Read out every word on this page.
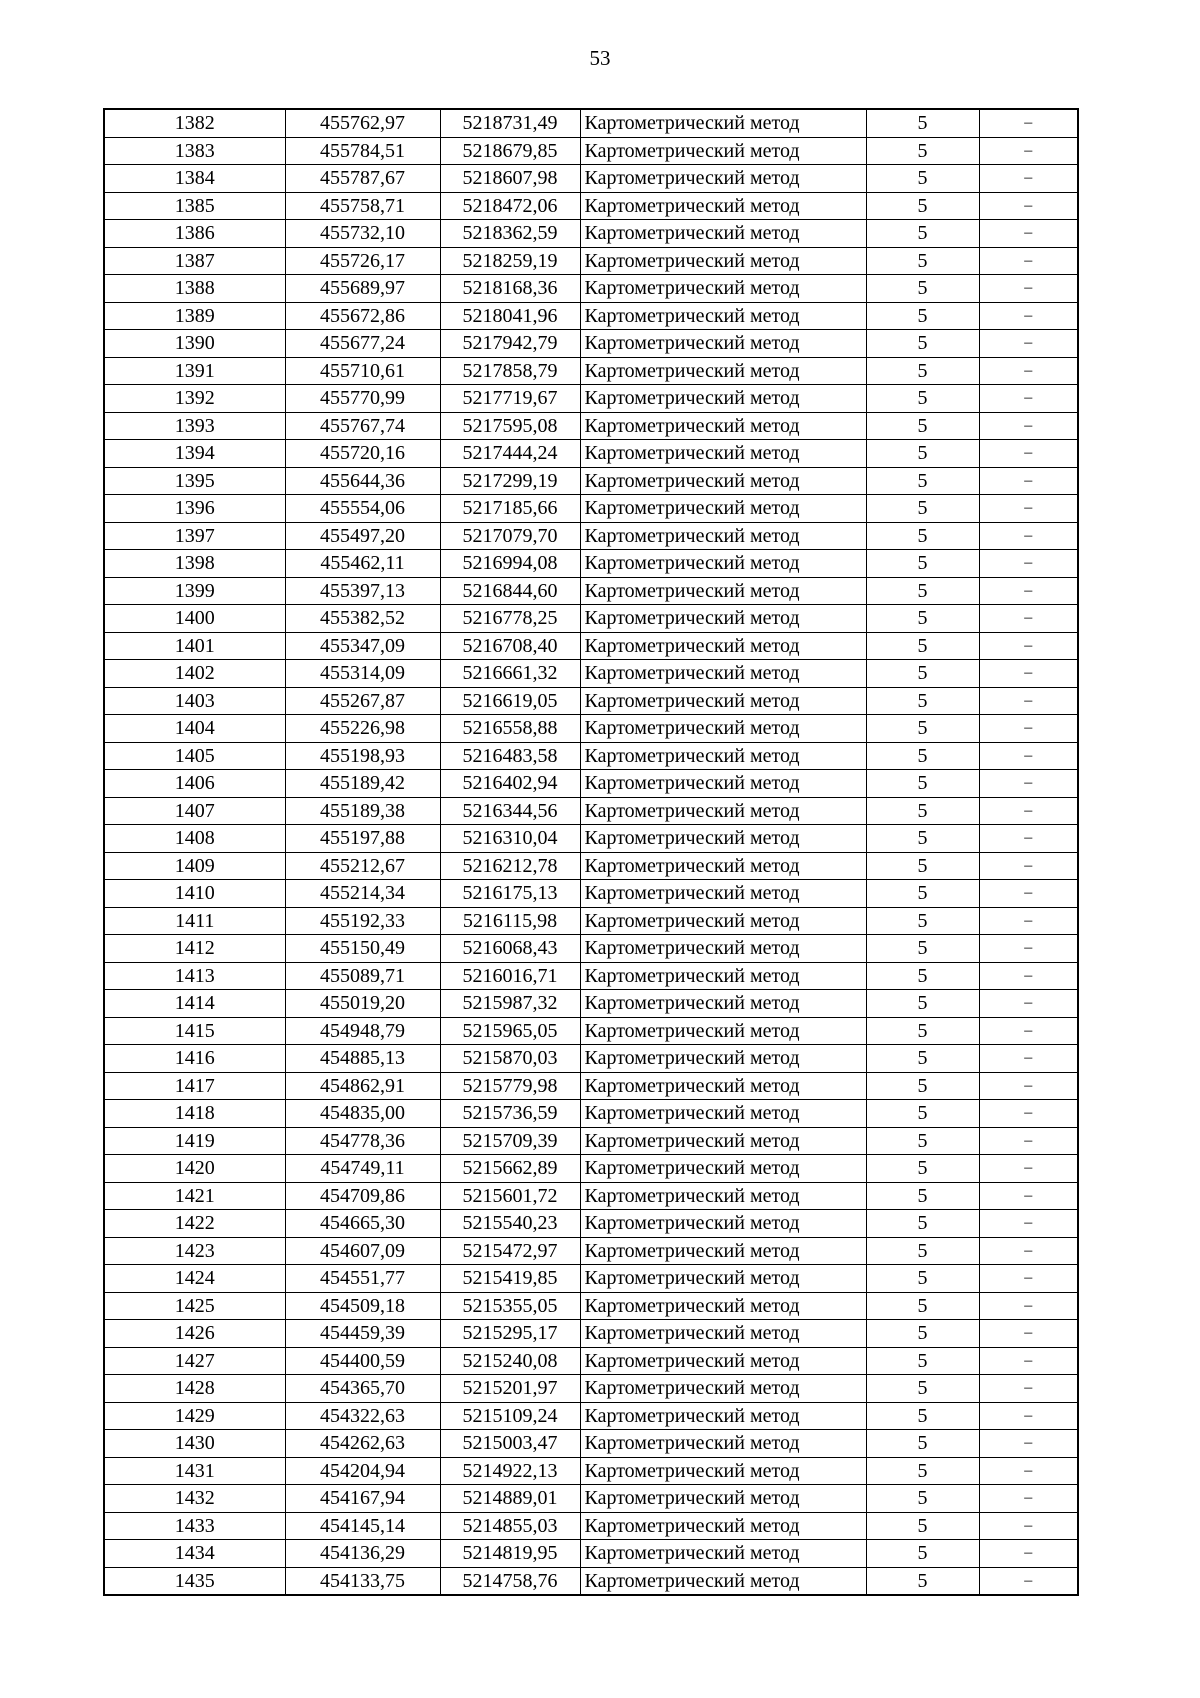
53
1382	455762,97	5218731,49	Картометрический метод	5	–
1383	455784,51	5218679,85	Картометрический метод	5	–
1384	455787,67	5218607,98	Картометрический метод	5	–
1385	455758,71	5218472,06	Картометрический метод	5	–
1386	455732,10	5218362,59	Картометрический метод	5	–
1387	455726,17	5218259,19	Картометрический метод	5	–
1388	455689,97	5218168,36	Картометрический метод	5	–
1389	455672,86	5218041,96	Картометрический метод	5	–
1390	455677,24	5217942,79	Картометрический метод	5	–
1391	455710,61	5217858,79	Картометрический метод	5	–
1392	455770,99	5217719,67	Картометрический метод	5	–
1393	455767,74	5217595,08	Картометрический метод	5	–
1394	455720,16	5217444,24	Картометрический метод	5	–
1395	455644,36	5217299,19	Картометрический метод	5	–
1396	455554,06	5217185,66	Картометрический метод	5	–
1397	455497,20	5217079,70	Картометрический метод	5	–
1398	455462,11	5216994,08	Картометрический метод	5	–
1399	455397,13	5216844,60	Картометрический метод	5	–
1400	455382,52	5216778,25	Картометрический метод	5	–
1401	455347,09	5216708,40	Картометрический метод	5	–
1402	455314,09	5216661,32	Картометрический метод	5	–
1403	455267,87	5216619,05	Картометрический метод	5	–
1404	455226,98	5216558,88	Картометрический метод	5	–
1405	455198,93	5216483,58	Картометрический метод	5	–
1406	455189,42	5216402,94	Картометрический метод	5	–
1407	455189,38	5216344,56	Картометрический метод	5	–
1408	455197,88	5216310,04	Картометрический метод	5	–
1409	455212,67	5216212,78	Картометрический метод	5	–
1410	455214,34	5216175,13	Картометрический метод	5	–
1411	455192,33	5216115,98	Картометрический метод	5	–
1412	455150,49	5216068,43	Картометрический метод	5	–
1413	455089,71	5216016,71	Картометрический метод	5	–
1414	455019,20	5215987,32	Картометрический метод	5	–
1415	454948,79	5215965,05	Картометрический метод	5	–
1416	454885,13	5215870,03	Картометрический метод	5	–
1417	454862,91	5215779,98	Картометрический метод	5	–
1418	454835,00	5215736,59	Картометрический метод	5	–
1419	454778,36	5215709,39	Картометрический метод	5	–
1420	454749,11	5215662,89	Картометрический метод	5	–
1421	454709,86	5215601,72	Картометрический метод	5	–
1422	454665,30	5215540,23	Картометрический метод	5	–
1423	454607,09	5215472,97	Картометрический метод	5	–
1424	454551,77	5215419,85	Картометрический метод	5	–
1425	454509,18	5215355,05	Картометрический метод	5	–
1426	454459,39	5215295,17	Картометрический метод	5	–
1427	454400,59	5215240,08	Картометрический метод	5	–
1428	454365,70	5215201,97	Картометрический метод	5	–
1429	454322,63	5215109,24	Картометрический метод	5	–
1430	454262,63	5215003,47	Картометрический метод	5	–
1431	454204,94	5214922,13	Картометрический метод	5	–
1432	454167,94	5214889,01	Картометрический метод	5	–
1433	454145,14	5214855,03	Картометрический метод	5	–
1434	454136,29	5214819,95	Картометрический метод	5	–
1435	454133,75	5214758,76	Картометрический метод	5	–
